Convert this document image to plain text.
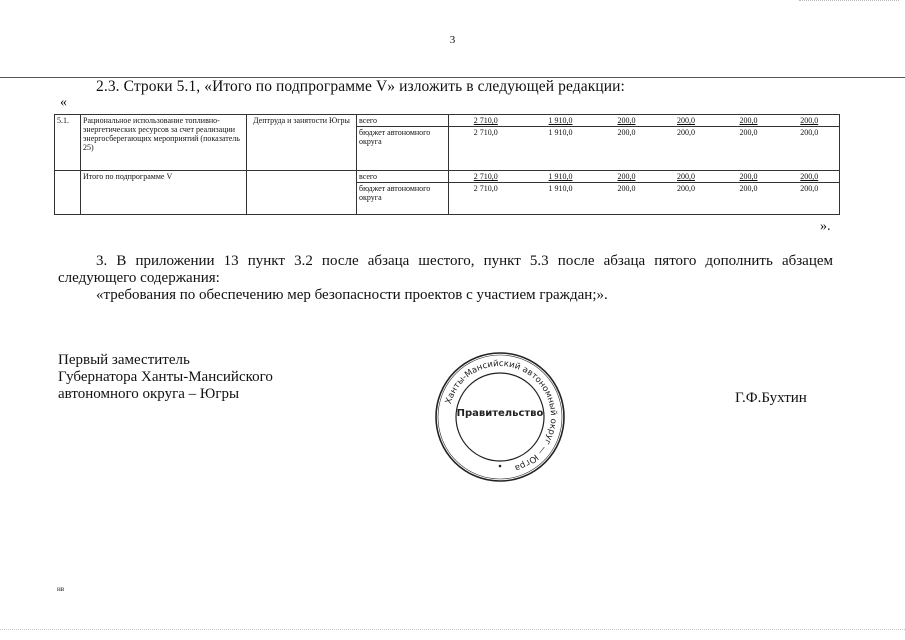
3
2.3. Строки 5.1, «Итого по подпрограмме V» изложить в следующей редакции:
«
5.1.	Рациональное использование топливно-энергетических ресурсов за счет реализации энергосберегающих мероприятий (показатель 25)	Дептруда и занятости Югры	всего	2 710,0	1 910,0	200,0	200,0	200,0	200,0
			бюджет автономного округа	2 710,0	1 910,0	200,0	200,0	200,0	200,0
	Итого по подпрограмме V		всего	2 710,0	1 910,0	200,0	200,0	200,0	200,0
			бюджет автономного округа	2 710,0	1 910,0	200,0	200,0	200,0	200,0
».
3. В приложении 13 пункт 3.2 после абзаца шестого, пункт 5.3 после абзаца пятого дополнить абзацем следующего содержания:
«требования по обеспечению мер безопасности проектов с участием граждан;».
Первый заместитель
Губернатора Ханты-Мансийского
автономного округа – Югры	Ханты-Мансийский автономный округ — Югра
Правительство
Г.Ф.Бухтин
нв
